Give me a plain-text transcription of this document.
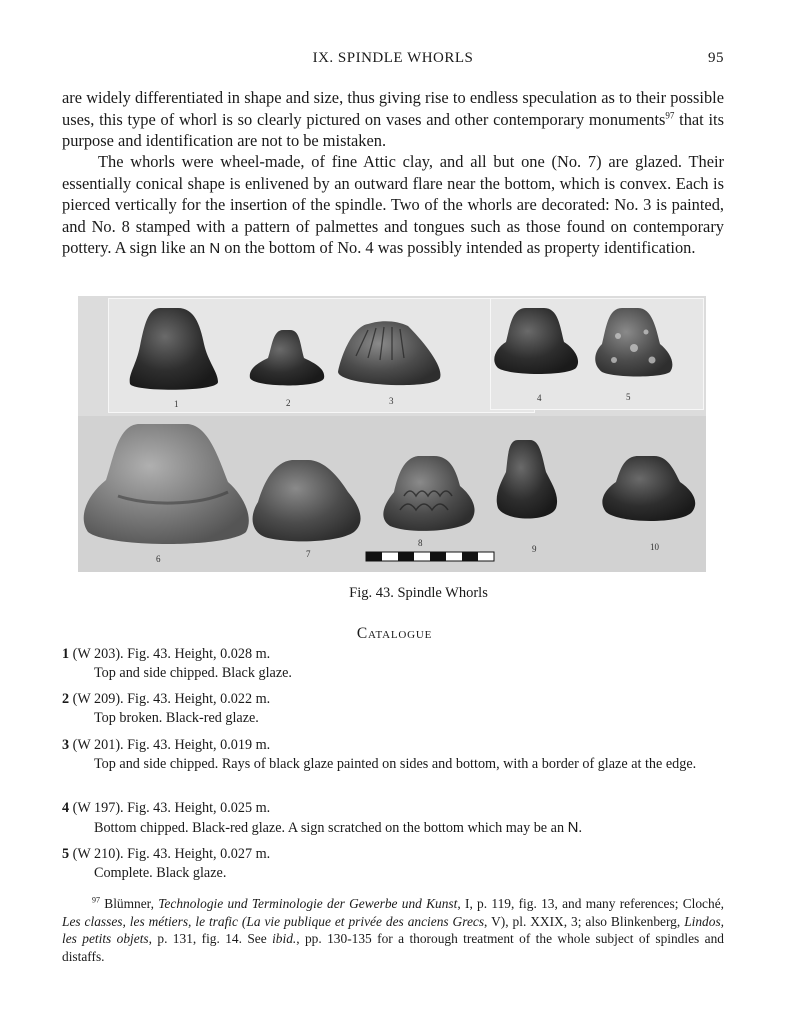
IX. SPINDLE WHORLS	95

are widely differentiated in shape and size, thus giving rise to endless speculation as to their possible uses, this type of whorl is so clearly pictured on vases and other contemporary monuments$^{97}$ that its purpose and identification are not to be mistaken.

The whorls were wheel-made, of fine Attic clay, and all but one (No. 7) are glazed. Their essentially conical shape is enlivened by an outward flare near the bottom, which is convex. Each is pierced vertically for the insertion of the spindle. Two of the whorls are decorated: No. 3 is painted, and No. 8 stamped with a pattern of palmettes and tongues such as those found on contemporary pottery. A sign like an N on the bottom of No. 4 was possibly intended as property identification.

1	2	3	4	5
6	7
8
9	10
Fig. 43. Spindle Whorls
Catalogue

1 (W 203). Fig. 43. Height, 0.028 m.

Top and side chipped. Black glaze.

2 (W 209). Fig. 43. Height, 0.022 m.

Top broken. Black-red glaze.

3 (W 201). Fig. 43. Height, 0.019 m.

Top and side chipped. Rays of black glaze painted on sides and bottom, with a border of glaze at the edge.

4 (W 197). Fig. 43. Height, 0.025 m.

Bottom chipped. Black-red glaze. A sign scratched on the bottom which may be an N.

5 (W 210). Fig. 43. Height, 0.027 m.

Complete. Black glaze.

$^{97}$ Blümner, Technologie und Terminologie der Gewerbe und Kunst, I, p. 119, fig. 13, and many references; Cloché, Les classes, les métiers, le trafic (La vie publique et privée des anciens Grecs, V), pl. XXIX, 3; also Blinkenberg, Lindos, les petits objets, p. 131, fig. 14. See ibid., pp. 130-135 for a thorough treatment of the whole subject of spindles and distaffs.
